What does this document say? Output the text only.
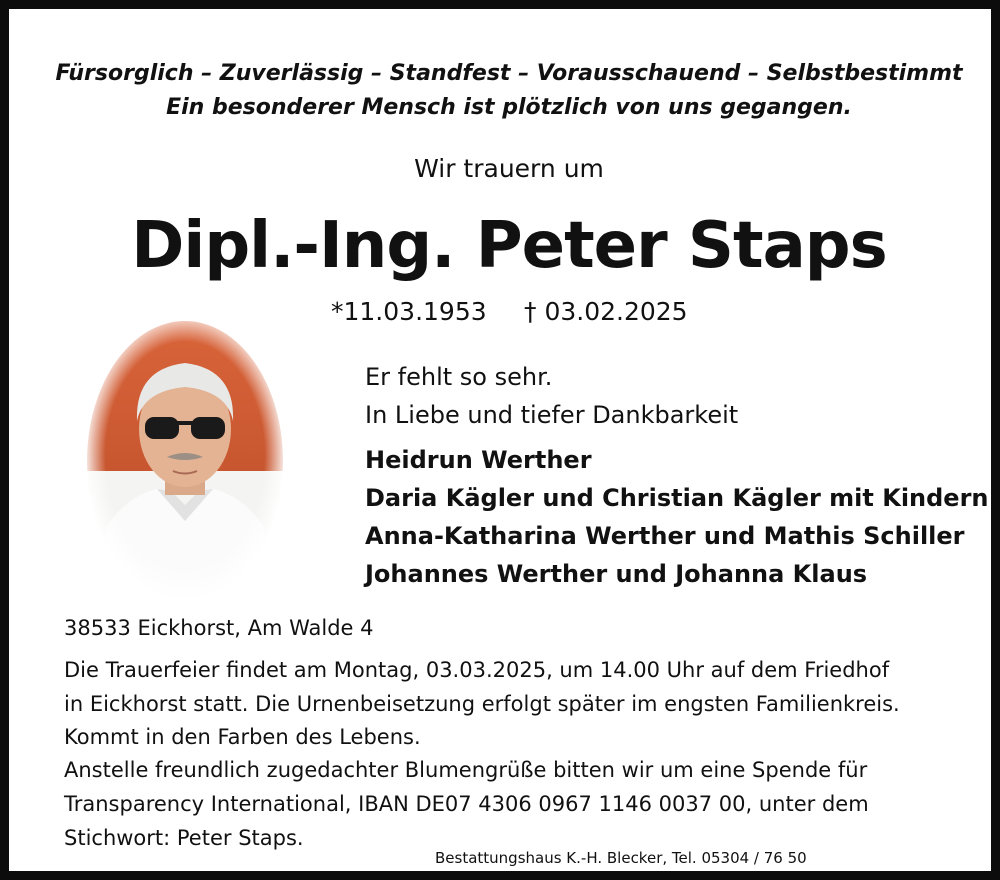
Fürsorglich – Zuverlässig – Standfest – Vorausschauend – Selbstbestimmt
Ein besonderer Mensch ist plötzlich von uns gegangen.
Wir trauern um
Dipl.-Ing. Peter Staps
*11.03.1953 † 03.02.2025
Er fehlt so sehr.
In Liebe und tiefer Dankbarkeit
Heidrun Werther
Daria Kägler und Christian Kägler mit Kindern
Anna-Katharina Werther und Mathis Schiller
Johannes Werther und Johanna Klaus
38533 Eickhorst, Am Walde 4
Die Trauerfeier findet am Montag, 03.03.2025, um 14.00 Uhr auf dem Friedhof
in Eickhorst statt. Die Urnenbeisetzung erfolgt später im engsten Familienkreis.
Kommt in den Farben des Lebens.
Anstelle freundlich zugedachter Blumengrüße bitten wir um eine Spende für
Transparency International, IBAN DE07 4306 0967 1146 0037 00, unter dem
Stichwort: Peter Staps.
Bestattungshaus K.-H. Blecker, Tel. 05304 / 76 50
